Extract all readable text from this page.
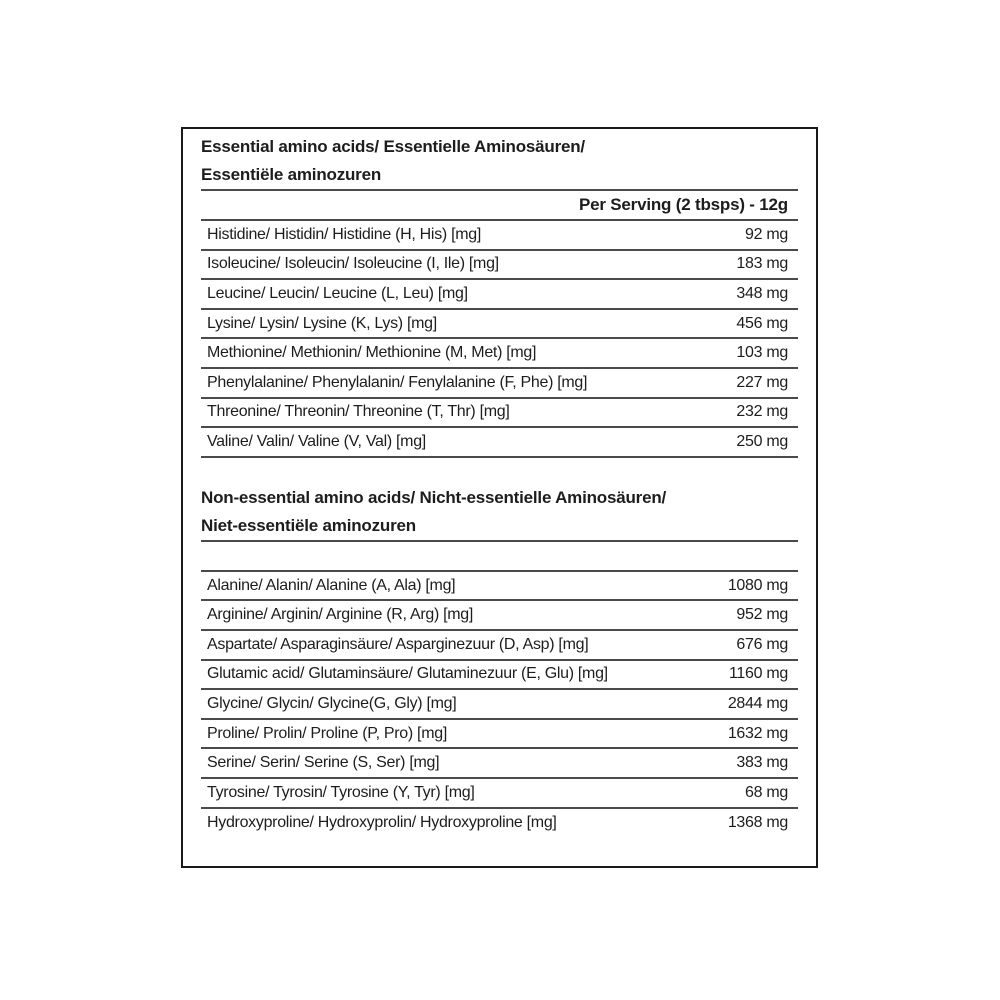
Essential amino acids/ Essentielle Aminosäuren/
Essentiële aminozuren
Per Serving (2 tbsps) - 12g
Histidine/ Histidin/ Histidine (H, His) [mg]	92 mg
Isoleucine/ Isoleucin/ Isoleucine (I, Ile) [mg]	183 mg
Leucine/ Leucin/ Leucine (L, Leu) [mg]	348 mg
Lysine/ Lysin/ Lysine (K, Lys) [mg]	456 mg
Methionine/ Methionin/ Methionine (M, Met) [mg]	103 mg
Phenylalanine/ Phenylalanin/ Fenylalanine (F, Phe) [mg]	227 mg
Threonine/ Threonin/ Threonine (T, Thr) [mg]	232 mg
Valine/ Valin/ Valine (V, Val) [mg]	250 mg
Non-essential amino acids/ Nicht-essentielle Aminosäuren/
Niet-essentiële aminozuren
Alanine/ Alanin/ Alanine (A, Ala) [mg]	1080 mg
Arginine/ Arginin/ Arginine (R, Arg) [mg]	952 mg
Aspartate/ Asparaginsäure/ Asparginezuur (D, Asp) [mg]	676 mg
Glutamic acid/ Glutaminsäure/ Glutaminezuur (E, Glu) [mg]	1160 mg
Glycine/ Glycin/ Glycine(G, Gly) [mg]	2844 mg
Proline/ Prolin/ Proline (P, Pro) [mg]	1632 mg
Serine/ Serin/ Serine (S, Ser) [mg]	383 mg
Tyrosine/ Tyrosin/ Tyrosine (Y, Tyr) [mg]	68 mg
Hydroxyproline/ Hydroxyprolin/ Hydroxyproline [mg]	1368 mg
